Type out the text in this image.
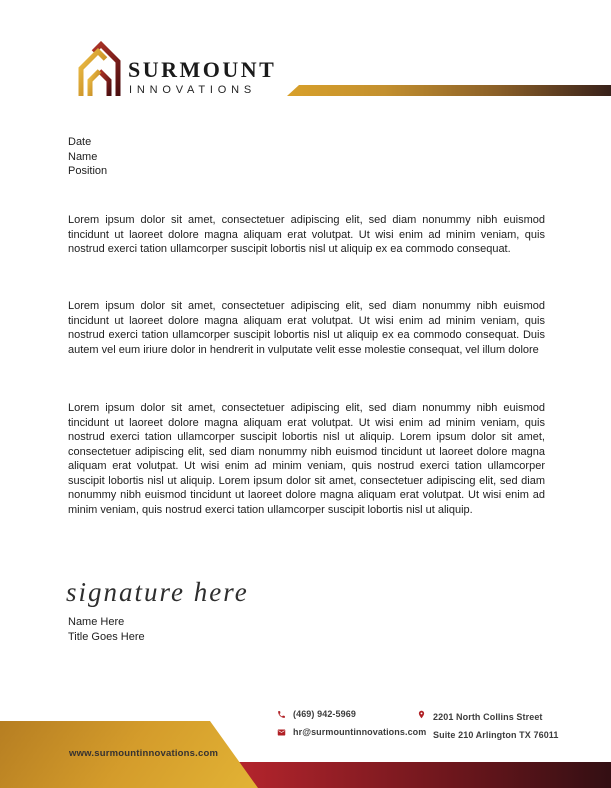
SURMOUNT
INNOVATIONS
Date
Name
Position

Lorem ipsum dolor sit amet, consectetuer adipiscing elit, sed diam nonummy nibh euismod tincidunt ut laoreet dolore magna aliquam erat volutpat. Ut wisi enim ad minim veniam, quis nostrud exerci tation ullamcorper suscipit lobortis nisl ut aliquip ex ea commodo consequat.

Lorem ipsum dolor sit amet, consectetuer adipiscing elit, sed diam nonummy nibh euismod tincidunt ut laoreet dolore magna aliquam erat volutpat. Ut wisi enim ad minim veniam, quis nostrud exerci tation ullamcorper suscipit lobortis nisl ut aliquip ex ea commodo consequat. Duis autem vel eum iriure dolor in hendrerit in vulputate velit esse molestie consequat, vel illum dolore

Lorem ipsum dolor sit amet, consectetuer adipiscing elit, sed diam nonummy nibh euismod tincidunt ut laoreet dolore magna aliquam erat volutpat. Ut wisi enim ad minim veniam, quis nostrud exerci tation ullamcorper suscipit lobortis nisl ut aliquip. Lorem ipsum dolor sit amet, consectetuer adipiscing elit, sed diam nonummy nibh euismod tincidunt ut laoreet dolore magna aliquam erat volutpat. Ut wisi enim ad minim veniam, quis nostrud exerci tation ullamcorper suscipit lobortis nisl ut aliquip. Lorem ipsum dolor sit amet, consectetuer adipiscing elit, sed diam nonummy nibh euismod tincidunt ut laoreet dolore magna aliquam erat volutpat. Ut wisi enim ad minim veniam, quis nostrud exerci tation ullamcorper suscipit lobortis nisl ut aliquip.

signature here
Name Here
Title Goes Here
www.surmountinnovations.com
(469) 942-5969
hr@surmountinnovations.com
2201 North Collins Street
Suite 210 Arlington TX 76011
